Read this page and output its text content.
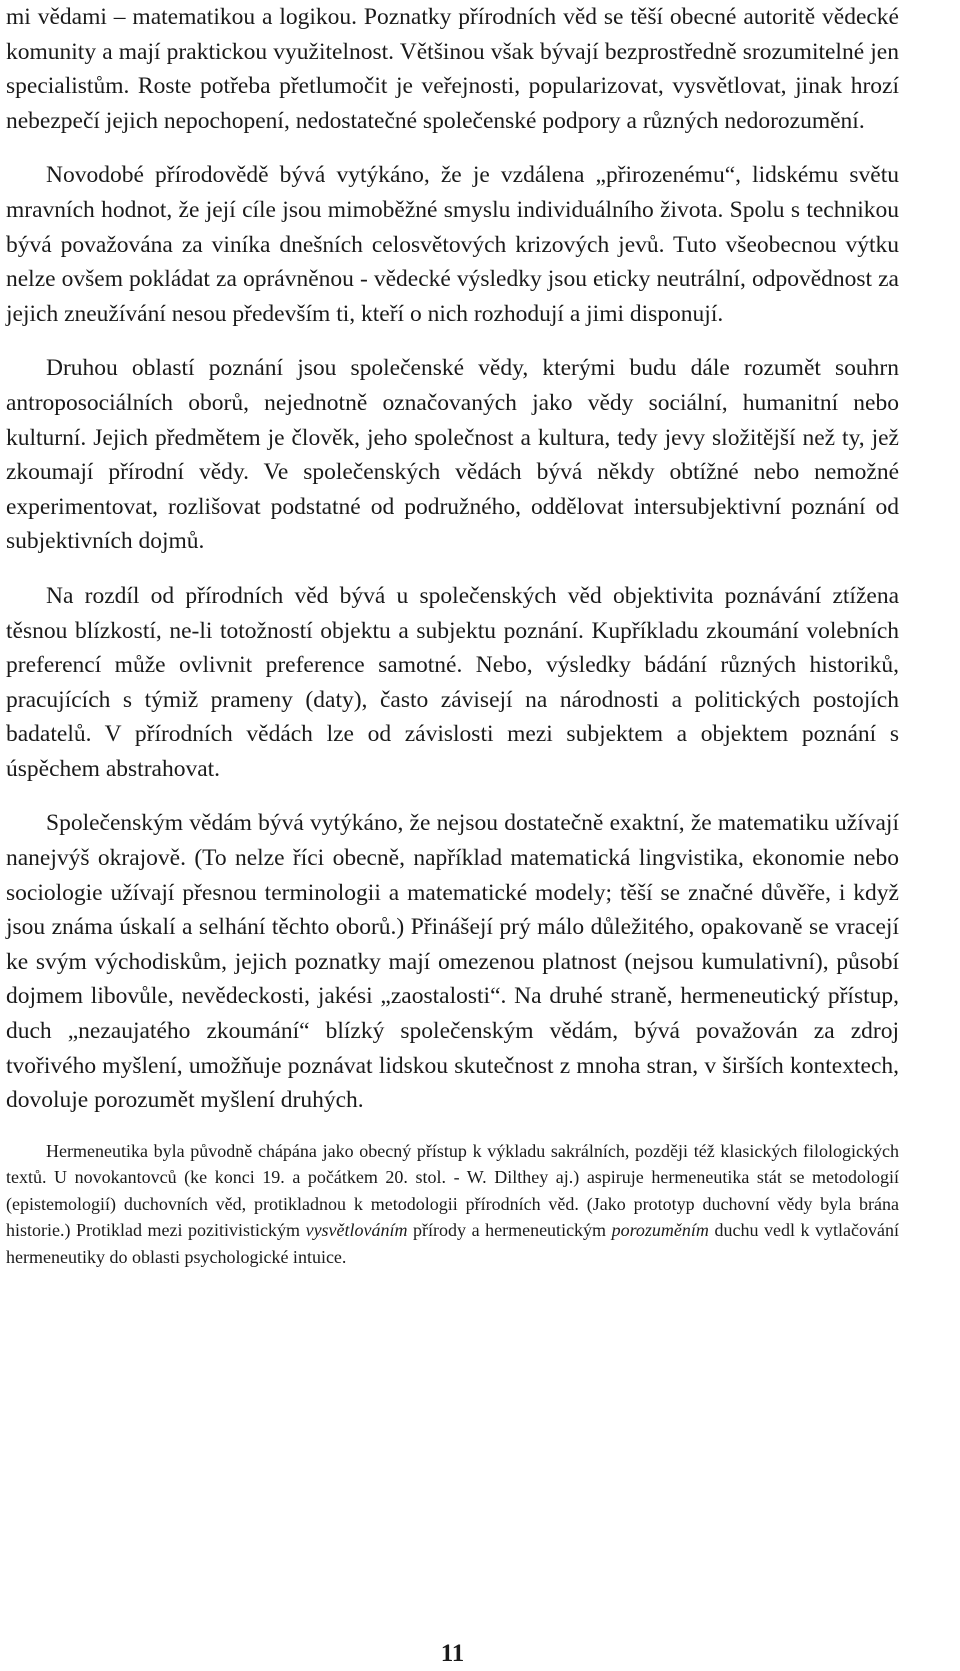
mi vědami – matematikou a logikou. Poznatky přírodních věd se těší obecné autoritě vědecké komunity a mají praktickou využitelnost. Většinou však bývají bezprostředně srozumitelné jen specialistům. Roste potřeba přetlumočit je veřejnosti, popularizovat, vysvětlovat, jinak hrozí nebezpečí jejich nepochopení, nedostatečné společenské podpory a různých nedorozumění.

Novodobé přírodovědě bývá vytýkáno, že je vzdálena „přirozenému“, lidskému světu mravních hodnot, že její cíle jsou mimoběžné smyslu individuálního života. Spolu s technikou bývá považována za viníka dnešních celosvětových krizových jevů. Tuto všeobecnou výtku nelze ovšem pokládat za oprávněnou - vědecké výsledky jsou eticky neutrální, odpovědnost za jejich zneužívání nesou především ti, kteří o nich rozhodují a jimi disponují.

Druhou oblastí poznání jsou společenské vědy, kterými budu dále rozumět souhrn antroposociálních oborů, nejednotně označovaných jako vědy sociální, humanitní nebo kulturní. Jejich předmětem je člověk, jeho společnost a kultura, tedy jevy složitější než ty, jež zkoumají přírodní vědy. Ve společenských vědách bývá někdy obtížné nebo nemožné experimentovat, rozlišovat podstatné od podružného, oddělovat intersubjektivní poznání od subjektivních dojmů.

Na rozdíl od přírodních věd bývá u společenských věd objektivita poznávání ztížena těsnou blízkostí, ne-li totožností objektu a subjektu poznání. Kupříkladu zkoumání volebních preferencí může ovlivnit preference samotné. Nebo, výsledky bádání různých historiků, pracujících s týmiž prameny (daty), často závisejí na národnosti a politických postojích badatelů. V přírodních vědách lze od závislosti mezi subjektem a objektem poznání s úspěchem abstrahovat.

Společenským vědám bývá vytýkáno, že nejsou dostatečně exaktní, že matematiku užívají nanejvýš okrajově. (To nelze říci obecně, například matematická lingvistika, ekonomie nebo sociologie užívají přesnou terminologii a matematické modely; těší se značné důvěře, i když jsou známa úskalí a selhání těchto oborů.) Přinášejí prý málo důležitého, opakovaně se vracejí ke svým východiskům, jejich poznatky mají omezenou platnost (nejsou kumulativní), působí dojmem libovůle, nevědeckosti, jakési „zaostalosti“. Na druhé straně, hermeneutický přístup, duch „nezaujatého zkoumání“ blízký společenským vědám, bývá považován za zdroj tvořivého myšlení, umožňuje poznávat lidskou skutečnost z mnoha stran, v širších kontextech, dovoluje porozumět myšlení druhých.

Hermeneutika byla původně chápána jako obecný přístup k výkladu sakrálních, později též klasických filologických textů. U novokantovců (ke konci 19. a počátkem 20. stol. - W. Dilthey aj.) aspiruje hermeneutika stát se metodologií (epistemologií) duchovních věd, protikladnou k metodologii přírodních věd. (Jako prototyp duchovní vědy byla brána historie.) Protiklad mezi pozitivistickým vysvětlováním přírody a hermeneutickým porozuměním duchu vedl k vytlačování hermeneutiky do oblasti psychologické intuice.

11
